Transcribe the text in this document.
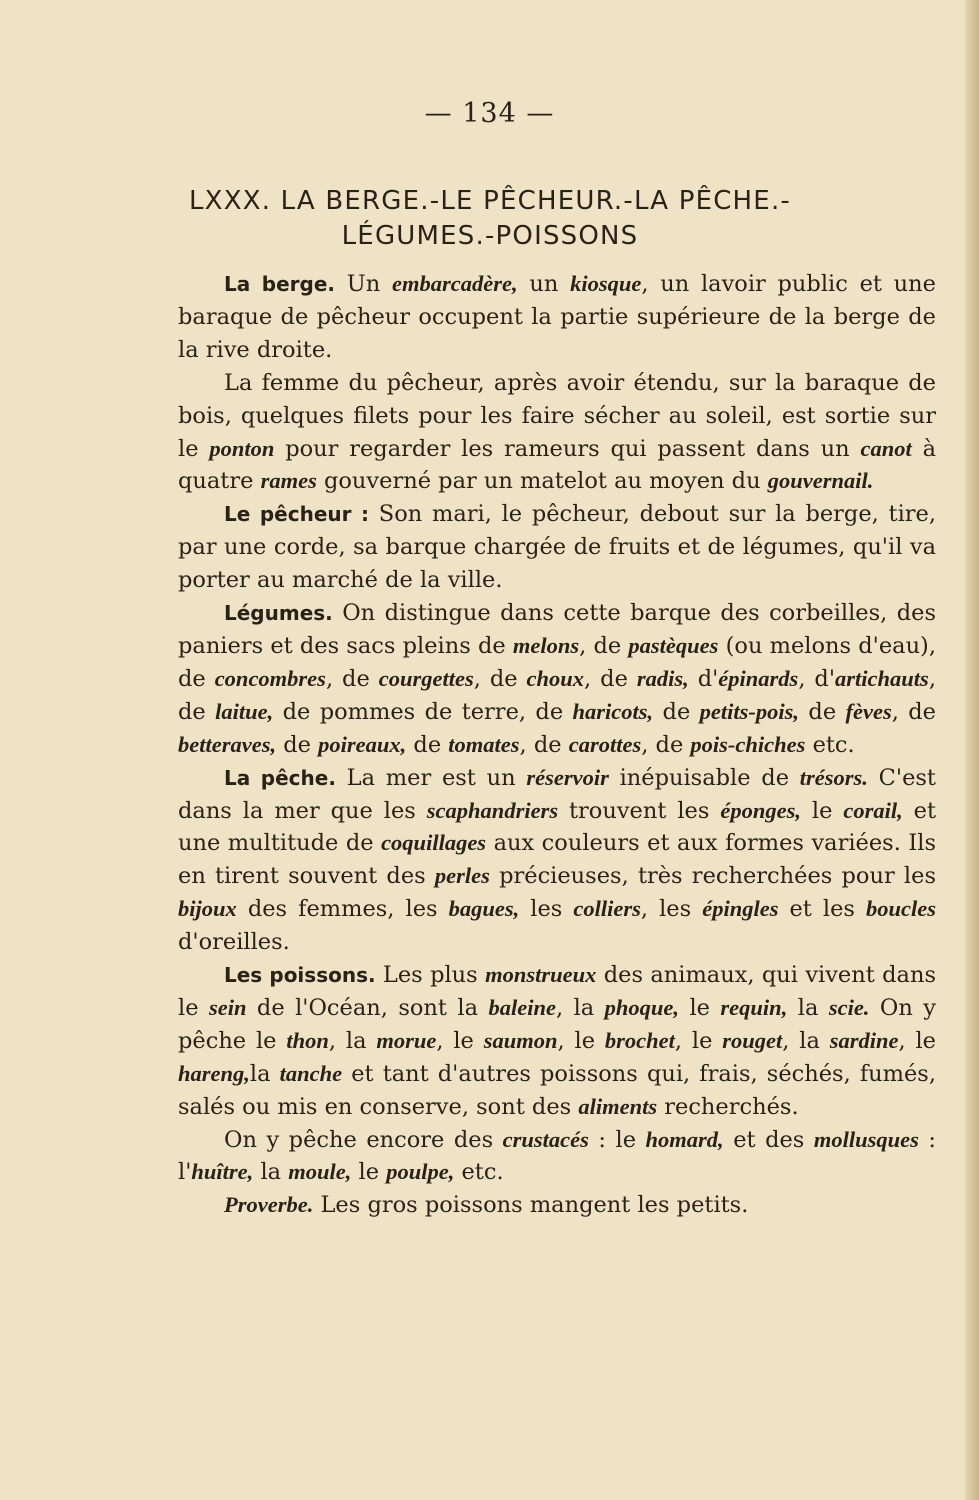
— 134 —
LXXX. LA BERGE.-LE PÊCHEUR.-LA PÊCHE.-
LÉGUMES.-POISSONS

La berge. Un embarcadère, un kiosque, un lavoir public et une baraque de pêcheur occupent la partie supérieure de la berge de la rive droite.

La femme du pêcheur, après avoir étendu, sur la baraque de bois, quelques filets pour les faire sécher au soleil, est sortie sur le ponton pour regarder les rameurs qui passent dans un canot à quatre rames gouverné par un matelot au moyen du gouvernail.

Le pêcheur : Son mari, le pêcheur, debout sur la berge, tire, par une corde, sa barque chargée de fruits et de légumes, qu'il va porter au marché de la ville.

Légumes. On distingue dans cette barque des corbeilles, des paniers et des sacs pleins de melons, de pastèques (ou melons d'eau), de concombres, de courgettes, de choux, de radis, d'épinards, d'artichauts, de laitue, de pommes de terre, de haricots, de petits-pois, de fèves, de betteraves, de poireaux, de tomates, de carottes, de pois-chiches etc.

La pêche. La mer est un réservoir inépuisable de trésors. C'est dans la mer que les scaphandriers trouvent les éponges, le corail, et une multitude de coquillages aux couleurs et aux formes variées. Ils en tirent souvent des perles précieuses, très recherchées pour les bijoux des femmes, les bagues, les colliers, les épingles et les boucles d'oreilles.

Les poissons. Les plus monstrueux des animaux, qui vivent dans le sein de l'Océan, sont la baleine, la phoque, le requin, la scie. On y pêche le thon, la morue, le saumon, le brochet, le rouget, la sardine, le hareng,la tanche et tant d'autres poissons qui, frais, séchés, fumés, salés ou mis en conserve, sont des aliments recherchés.

On y pêche encore des crustacés : le homard, et des mollusques : l'huître, la moule, le poulpe, etc.

Proverbe. Les gros poissons mangent les petits.
